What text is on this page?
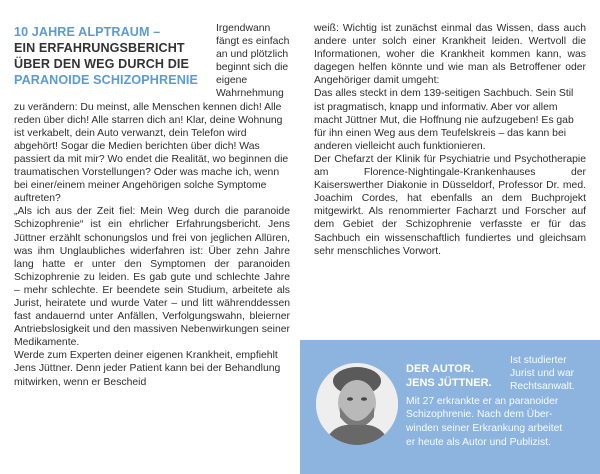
10 JAHRE ALPTRAUM –
EIN ERFAHRUNGSBERICHT ÜBER DEN WEG DURCH DIE
PARANOIDE SCHIZOPHRENIE

Irgendwann fängt es einfach an und plötzlich beginnt sich die eigene Wahrnehmung zu verändern: Du meinst, alle Menschen kennen dich! Alle reden über dich! Alle starren dich an! Klar, deine Wohnung ist verkabelt, dein Auto verwanzt, dein Telefon wird abgehört! Sogar die Medien berichten über dich! Was passiert da mit mir? Wo endet die Realität, wo beginnen die traumatischen Vorstellungen? Oder was mache ich, wenn bei einer/einem meiner Angehörigen solche Symptome auftreten?

„Als ich aus der Zeit fiel: Mein Weg durch die paranoide Schizophrenie“ ist ein ehrlicher Erfahrungsbericht. Jens Jüttner erzählt schonungslos und frei von jeglichen Allüren, was ihm Unglaubliches widerfahren ist: Über zehn Jahre lang hatte er unter den Symptomen der paranoiden Schizophrenie zu leiden. Es gab gute und schlechte Jahre – mehr schlechte. Er beendete sein Studium, arbeitete als Jurist, heiratete und wurde Vater – und litt währenddessen fast andauernd unter Anfällen, Verfolgungswahn, bleierner Antriebslosigkeit und den massiven Nebenwirkungen seiner Medikamente.

Werde zum Experten deiner eigenen Krankheit, empfiehlt Jens Jüttner. Denn jeder Patient kann bei der Behandlung mitwirken, wenn er Bescheid

weiß: Wichtig ist zunächst einmal das Wissen, dass auch andere unter solch einer Krankheit leiden. Wertvoll die Informationen, woher die Krankheit kommen kann, was dagegen helfen könnte und wie man als Betroffener oder Angehöriger damit umgeht:

Das alles steckt in dem 139-seitigen Sachbuch. Sein Stil ist pragmatisch, knapp und informativ. Aber vor allem macht Jüttner Mut, die Hoffnung nie aufzugeben! Es gab für ihn einen Weg aus dem Teufelskreis – das kann bei anderen vielleicht auch funktionieren.

Der Chefarzt der Klinik für Psychiatrie und Psychotherapie am Florence-Nightingale-Krankenhauses der Kaiserswerther Diakonie in Düsseldorf, Professor Dr. med. Joachim Cordes, hat ebenfalls an dem Buchprojekt mitgewirkt. Als renommierter Facharzt und Forscher auf dem Gebiet der Schizophrenie verfasste er für das Sachbuch ein wissenschaftlich fundiertes und gleichsam sehr menschliches Vorwort.

DER AUTOR.
JENS JÜTTNER.
Ist studierter
Jurist und war
Rechtsanwalt.
Mit 27 erkrankte er an paranoider
Schizophrenie. Nach dem Über-
winden seiner Erkrankung arbeitet
er heute als Autor und Publizist.
